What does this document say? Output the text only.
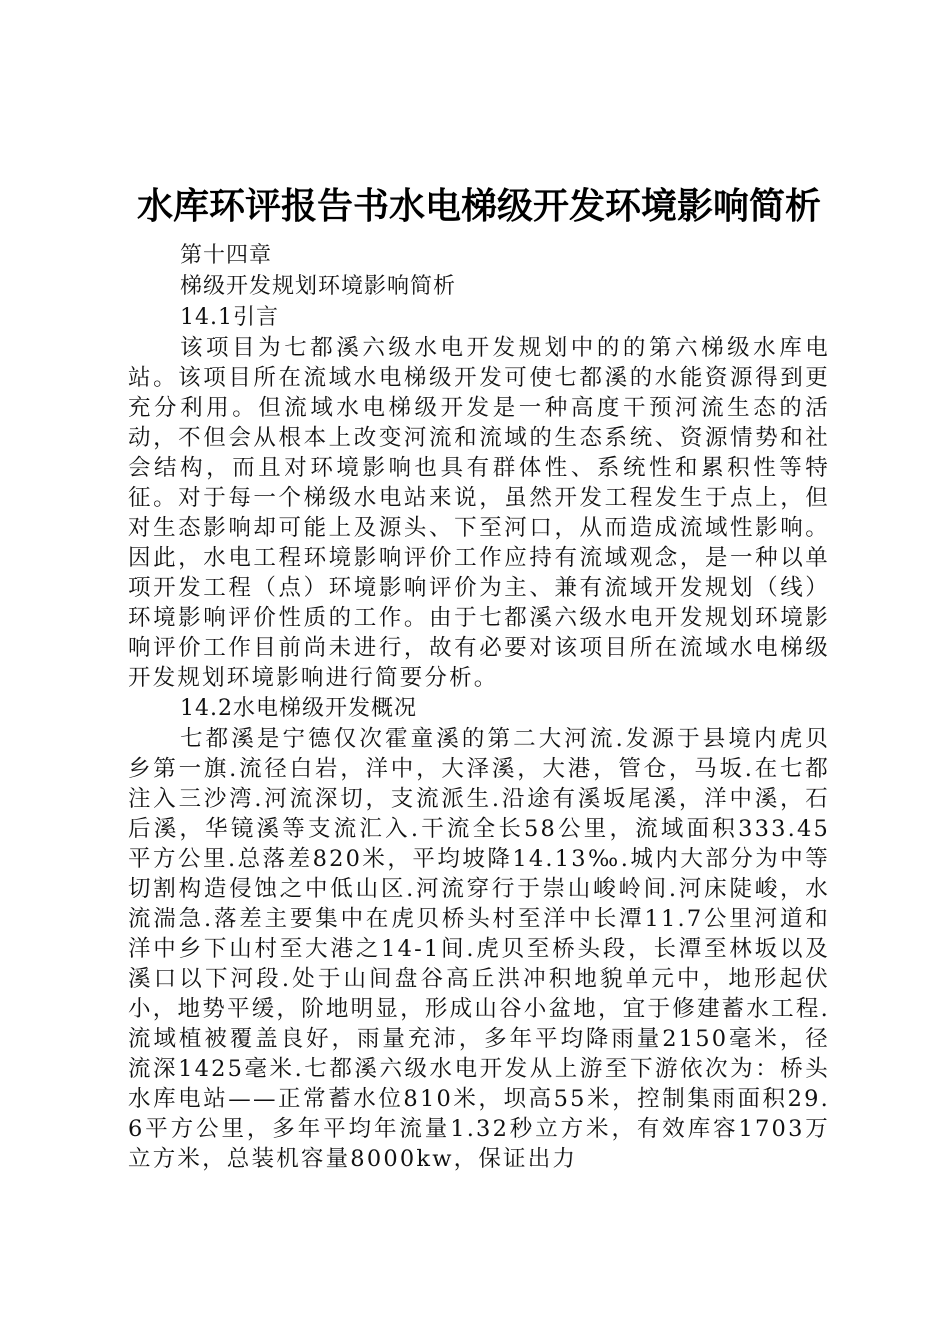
水库环评报告书水电梯级开发环境影响简析

第十四章

梯级开发规划环境影响简析

14.1引言

该项目为七都溪六级水电开发规划中的的第六梯级水库电站。该项目所在流域水电梯级开发可使七都溪的水能资源得到更充分利用。但流域水电梯级开发是一种高度干预河流生态的活动，不但会从根本上改变河流和流域的生态系统、资源情势和社会结构，而且对环境影响也具有群体性、系统性和累积性等特征。对于每一个梯级水电站来说，虽然开发工程发生于点上，但对生态影响却可能上及源头、下至河口，从而造成流域性影响。因此，水电工程环境影响评价工作应持有流域观念，是一种以单项开发工程（点）环境影响评价为主、兼有流域开发规划（线）环境影响评价性质的工作。由于七都溪六级水电开发规划环境影响评价工作目前尚未进行，故有必要对该项目所在流域水电梯级开发规划环境影响进行简要分析。

14.2水电梯级开发概况

七都溪是宁德仅次霍童溪的第二大河流.发源于县境内虎贝乡第一旗.流径白岩，洋中，大泽溪，大港，管仓，马坂.在七都注入三沙湾.河流深切，支流派生.沿途有溪坂尾溪，洋中溪，石后溪，华镜溪等支流汇入.干流全长58公里，流域面积333.45平方公里.总落差820米，平均坡降14.13‰.城内大部分为中等切割构造侵蚀之中低山区.河流穿行于崇山峻岭间.河床陡峻，水流湍急.落差主要集中在虎贝桥头村至洋中长潭11.7公里河道和洋中乡下山村至大港之14-1间.虎贝至桥头段，长潭至林坂以及溪口以下河段.处于山间盘谷高丘洪冲积地貌单元中，地形起伏小，地势平缓，阶地明显，形成山谷小盆地，宜于修建蓄水工程.流域植被覆盖良好，雨量充沛，多年平均降雨量2150毫米，径流深1425毫米.七都溪六级水电开发从上游至下游依次为：桥头水库电站——正常蓄水位810米，坝高55米，控制集雨面积29.6平方公里，多年平均年流量1.32秒立方米，有效库容1703万立方米，总装机容量8000kw，保证出力
